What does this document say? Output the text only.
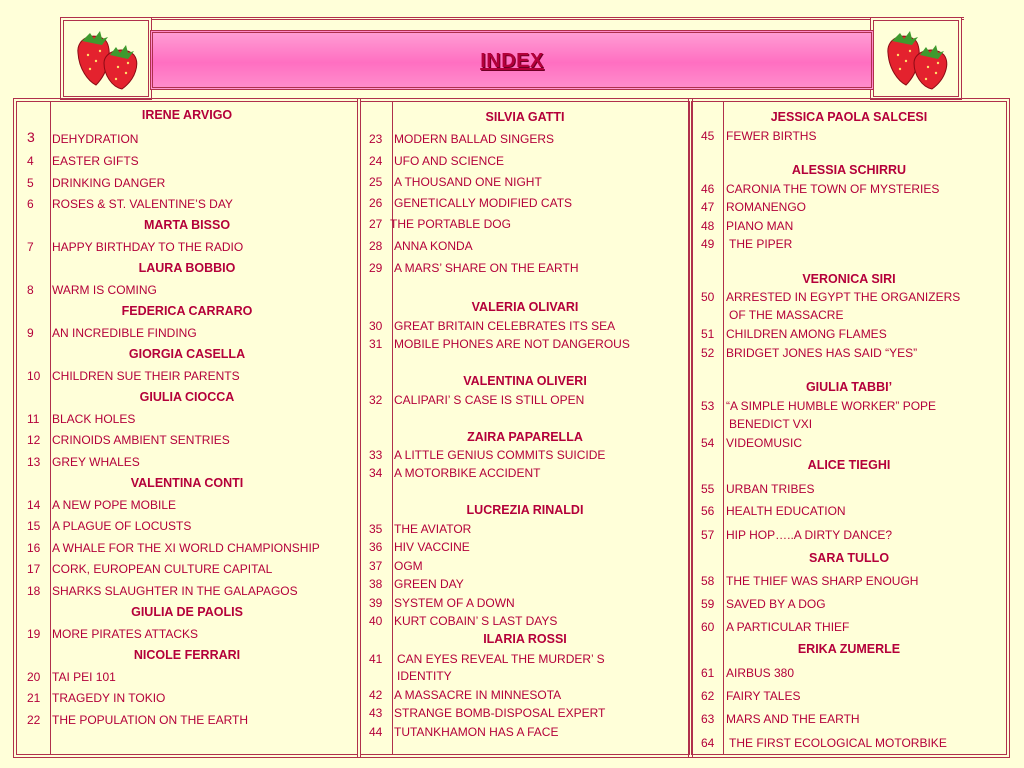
INDEX
IRENE ARVIGO
3 DEHYDRATION
4 EASTER GIFTS
5 DRINKING DANGER
6 ROSES & ST. VALENTINE’S DAY
MARTA BISSO
7 HAPPY BIRTHDAY TO THE RADIO
LAURA BOBBIO
8 WARM IS COMING
FEDERICA CARRARO
9 AN INCREDIBLE FINDING
GIORGIA CASELLA
10 CHILDREN SUE THEIR PARENTS
GIULIA CIOCCA
11 BLACK HOLES
12 CRINOIDS AMBIENT SENTRIES
13 GREY WHALES
VALENTINA CONTI
14 A NEW POPE MOBILE
15 A PLAGUE OF LOCUSTS
16 A WHALE FOR THE XI WORLD CHAMPIONSHIP
17 CORK, EUROPEAN CULTURE CAPITAL
18 SHARKS SLAUGHTER IN THE GALAPAGOS
GIULIA DE PAOLIS
19 MORE PIRATES ATTACKS
NICOLE FERRARI
20 TAI PEI 101
21 TRAGEDY IN TOKIO
22 THE POPULATION ON THE EARTH
SILVIA GATTI
23 MODERN BALLAD SINGERS
24 UFO AND SCIENCE
25 A THOUSAND ONE NIGHT
26 GENETICALLY MODIFIED CATS
27 THE PORTABLE DOG
28 ANNA KONDA
29 A MARS’ SHARE ON THE EARTH
VALERIA OLIVARI
30 GREAT BRITAIN CELEBRATES ITS SEA
31 MOBILE PHONES ARE NOT DANGEROUS
VALENTINA OLIVERI
32 CALIPARI’ S CASE IS STILL OPEN
ZAIRA PAPARELLA
33 A LITTLE GENIUS COMMITS SUICIDE
34 A MOTORBIKE ACCIDENT
LUCREZIA RINALDI
35 THE AVIATOR
36 HIV VACCINE
37 OGM
38 GREEN DAY
39 SYSTEM OF A DOWN
40 KURT COBAIN’ S LAST DAYS
ILARIA ROSSI
41 CAN EYES REVEAL THE MURDER’ S
IDENTITY
42 A MASSACRE IN MINNESOTA
43 STRANGE BOMB-DISPOSAL EXPERT
44 TUTANKHAMON HAS A FACE
JESSICA PAOLA SALCESI
45 FEWER BIRTHS
ALESSIA SCHIRRU
46 CARONIA THE TOWN OF MYSTERIES
47 ROMANENGO
48 PIANO MAN
49 THE PIPER
VERONICA SIRI
50 ARRESTED IN EGYPT THE ORGANIZERS
OF THE MASSACRE
51 CHILDREN AMONG FLAMES
52 BRIDGET JONES HAS SAID “YES”
GIULIA TABBI’
53 “A SIMPLE HUMBLE WORKER” POPE
BENEDICT VXI
54 VIDEOMUSIC
ALICE TIEGHI
55 URBAN TRIBES
56 HEALTH EDUCATION
57 HIP HOP…..A DIRTY DANCE?
SARA TULLO
58 THE THIEF WAS SHARP ENOUGH
59 SAVED BY A DOG
60 A PARTICULAR THIEF
ERIKA ZUMERLE
61 AIRBUS 380
62 FAIRY TALES
63 MARS AND THE EARTH
64 THE FIRST ECOLOGICAL MOTORBIKE
